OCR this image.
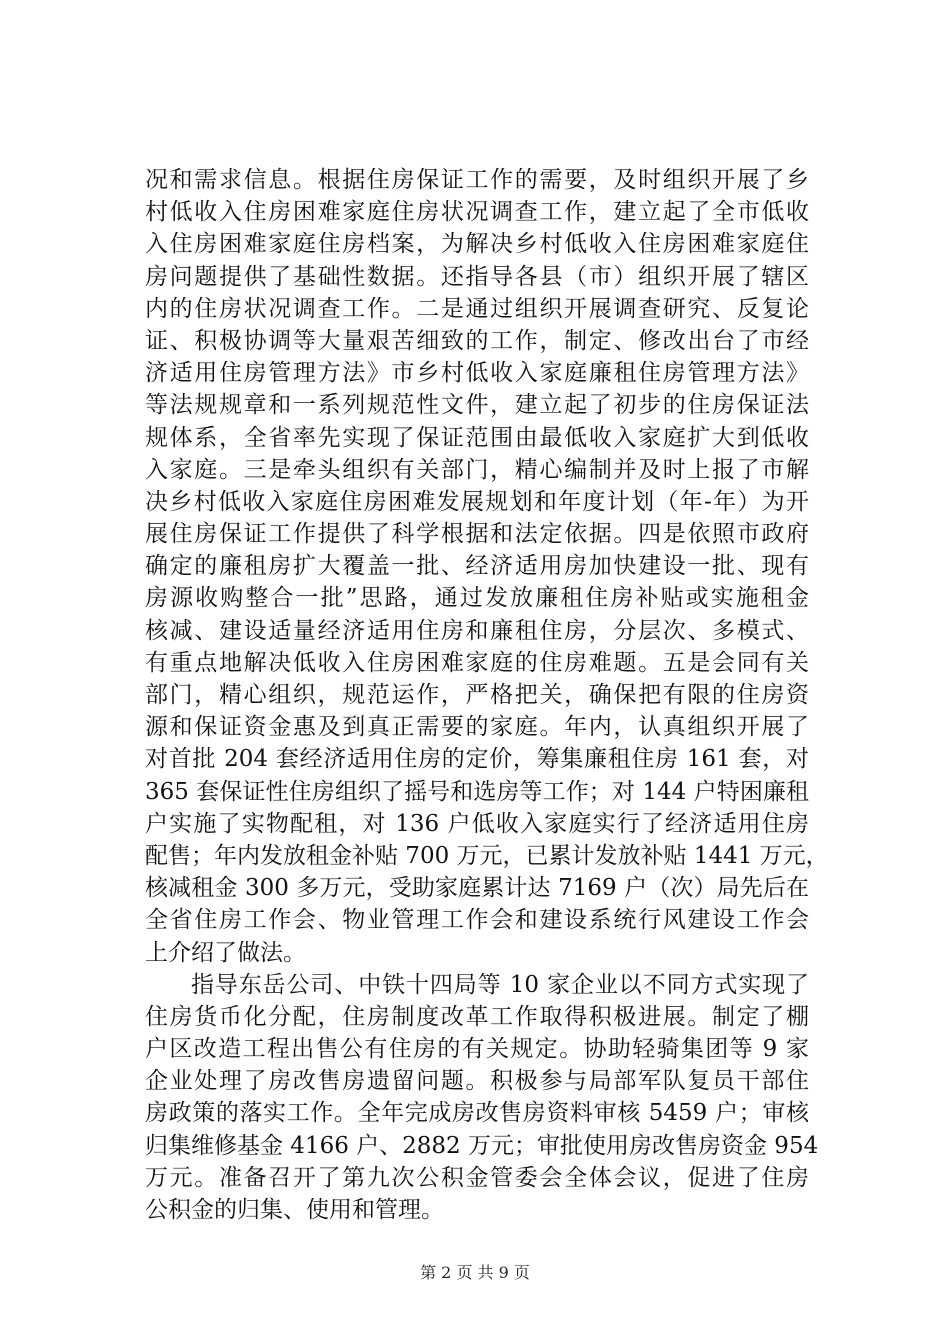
况和需求信息。根据住房保证工作的需要，及时组织开展了乡
村低收入住房困难家庭住房状况调查工作，建立起了全市低收
入住房困难家庭住房档案，为解决乡村低收入住房困难家庭住
房问题提供了基础性数据。还指导各县（市）组织开展了辖区
内的住房状况调查工作。二是通过组织开展调查研究、反复论
证、积极协调等大量艰苦细致的工作，制定、修改出台了市经
济适用住房管理方法》市乡村低收入家庭廉租住房管理方法》
等法规规章和一系列规范性文件，建立起了初步的住房保证法
规体系，全省率先实现了保证范围由最低收入家庭扩大到低收
入家庭。三是牵头组织有关部门，精心编制并及时上报了市解
决乡村低收入家庭住房困难发展规划和年度计划（年-年）为开
展住房保证工作提供了科学根据和法定依据。四是依照市政府
确定的廉租房扩大覆盖一批、经济适用房加快建设一批、现有
房源收购整合一批”思路，通过发放廉租住房补贴或实施租金
核减、建设适量经济适用住房和廉租住房，分层次、多模式、
有重点地解决低收入住房困难家庭的住房难题。五是会同有关
部门，精心组织，规范运作，严格把关，确保把有限的住房资
源和保证资金惠及到真正需要的家庭。年内，认真组织开展了
对首批 204 套经济适用住房的定价，筹集廉租住房 161 套，对
365 套保证性住房组织了摇号和选房等工作；对 144 户特困廉租
户实施了实物配租，对 136 户低收入家庭实行了经济适用住房
配售；年内发放租金补贴 700 万元，已累计发放补贴 1441 万元，
核减租金 300 多万元，受助家庭累计达 7169 户（次）局先后在
全省住房工作会、物业管理工作会和建设系统行风建设工作会
上介绍了做法。
指导东岳公司、中铁十四局等 10 家企业以不同方式实现了
住房货币化分配，住房制度改革工作取得积极进展。制定了棚
户区改造工程出售公有住房的有关规定。协助轻骑集团等 9 家
企业处理了房改售房遗留问题。积极参与局部军队复员干部住
房政策的落实工作。全年完成房改售房资料审核 5459 户；审核
归集维修基金 4166 户、2882 万元；审批使用房改售房资金 954
万元。准备召开了第九次公积金管委会全体会议，促进了住房
公积金的归集、使用和管理。
第 2 页 共 9 页
